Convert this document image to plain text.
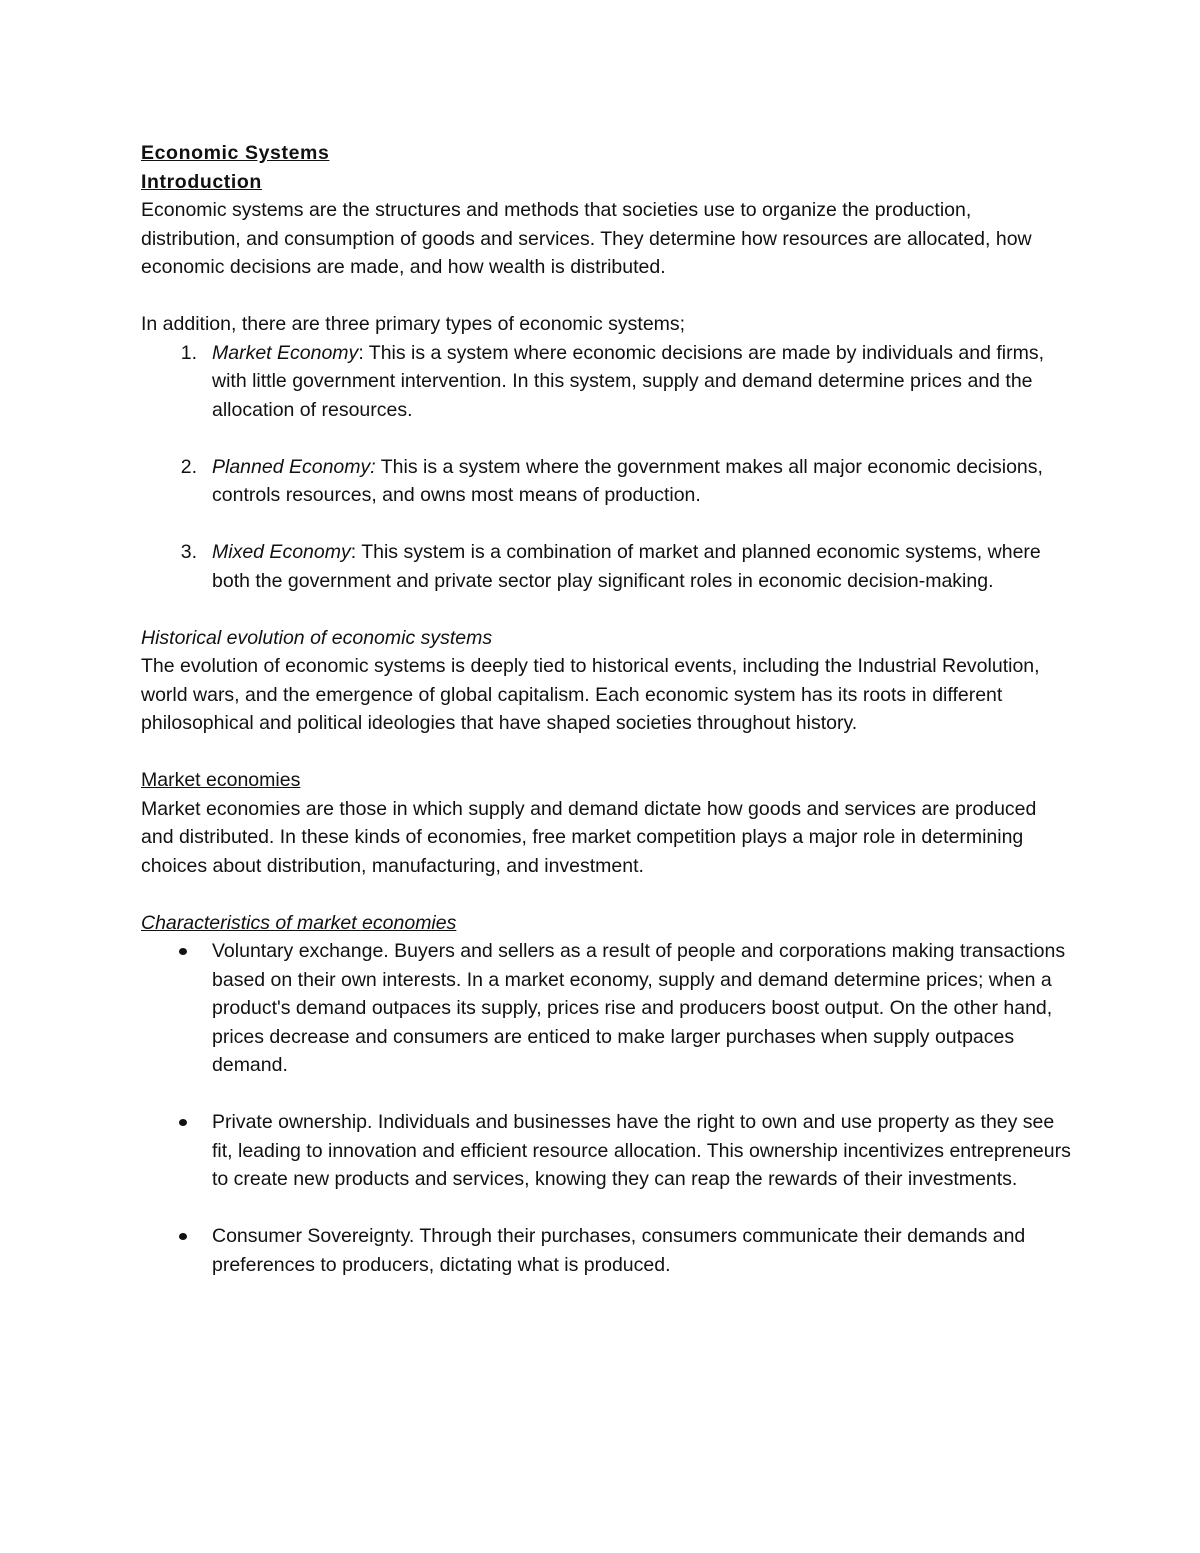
Economic Systems

Introduction

Economic systems are the structures and methods that societies use to organize the production, distribution, and consumption of goods and services. They determine how resources are allocated, how economic decisions are made, and how wealth is distributed.

In addition, there are three primary types of economic systems;

1. Market Economy: This is a system where economic decisions are made by individuals and firms, with little government intervention. In this system, supply and demand determine prices and the allocation of resources.
2. Planned Economy: This is a system where the government makes all major economic decisions, controls resources, and owns most means of production.
3. Mixed Economy: This system is a combination of market and planned economic systems, where both the government and private sector play significant roles in economic decision-making.

Historical evolution of economic systems

The evolution of economic systems is deeply tied to historical events, including the Industrial Revolution, world wars, and the emergence of global capitalism. Each economic system has its roots in different philosophical and political ideologies that have shaped societies throughout history.

Market economies

Market economies are those in which supply and demand dictate how goods and services are produced and distributed. In these kinds of economies, free market competition plays a major role in determining choices about distribution, manufacturing, and investment.

Characteristics of market economies

Voluntary exchange. Buyers and sellers as a result of people and corporations making transactions based on their own interests. In a market economy, supply and demand determine prices; when a product's demand outpaces its supply, prices rise and producers boost output. On the other hand, prices decrease and consumers are enticed to make larger purchases when supply outpaces demand.
Private ownership. Individuals and businesses have the right to own and use property as they see fit, leading to innovation and efficient resource allocation. This ownership incentivizes entrepreneurs to create new products and services, knowing they can reap the rewards of their investments.
Consumer Sovereignty. Through their purchases, consumers communicate their demands and preferences to producers, dictating what is produced.
